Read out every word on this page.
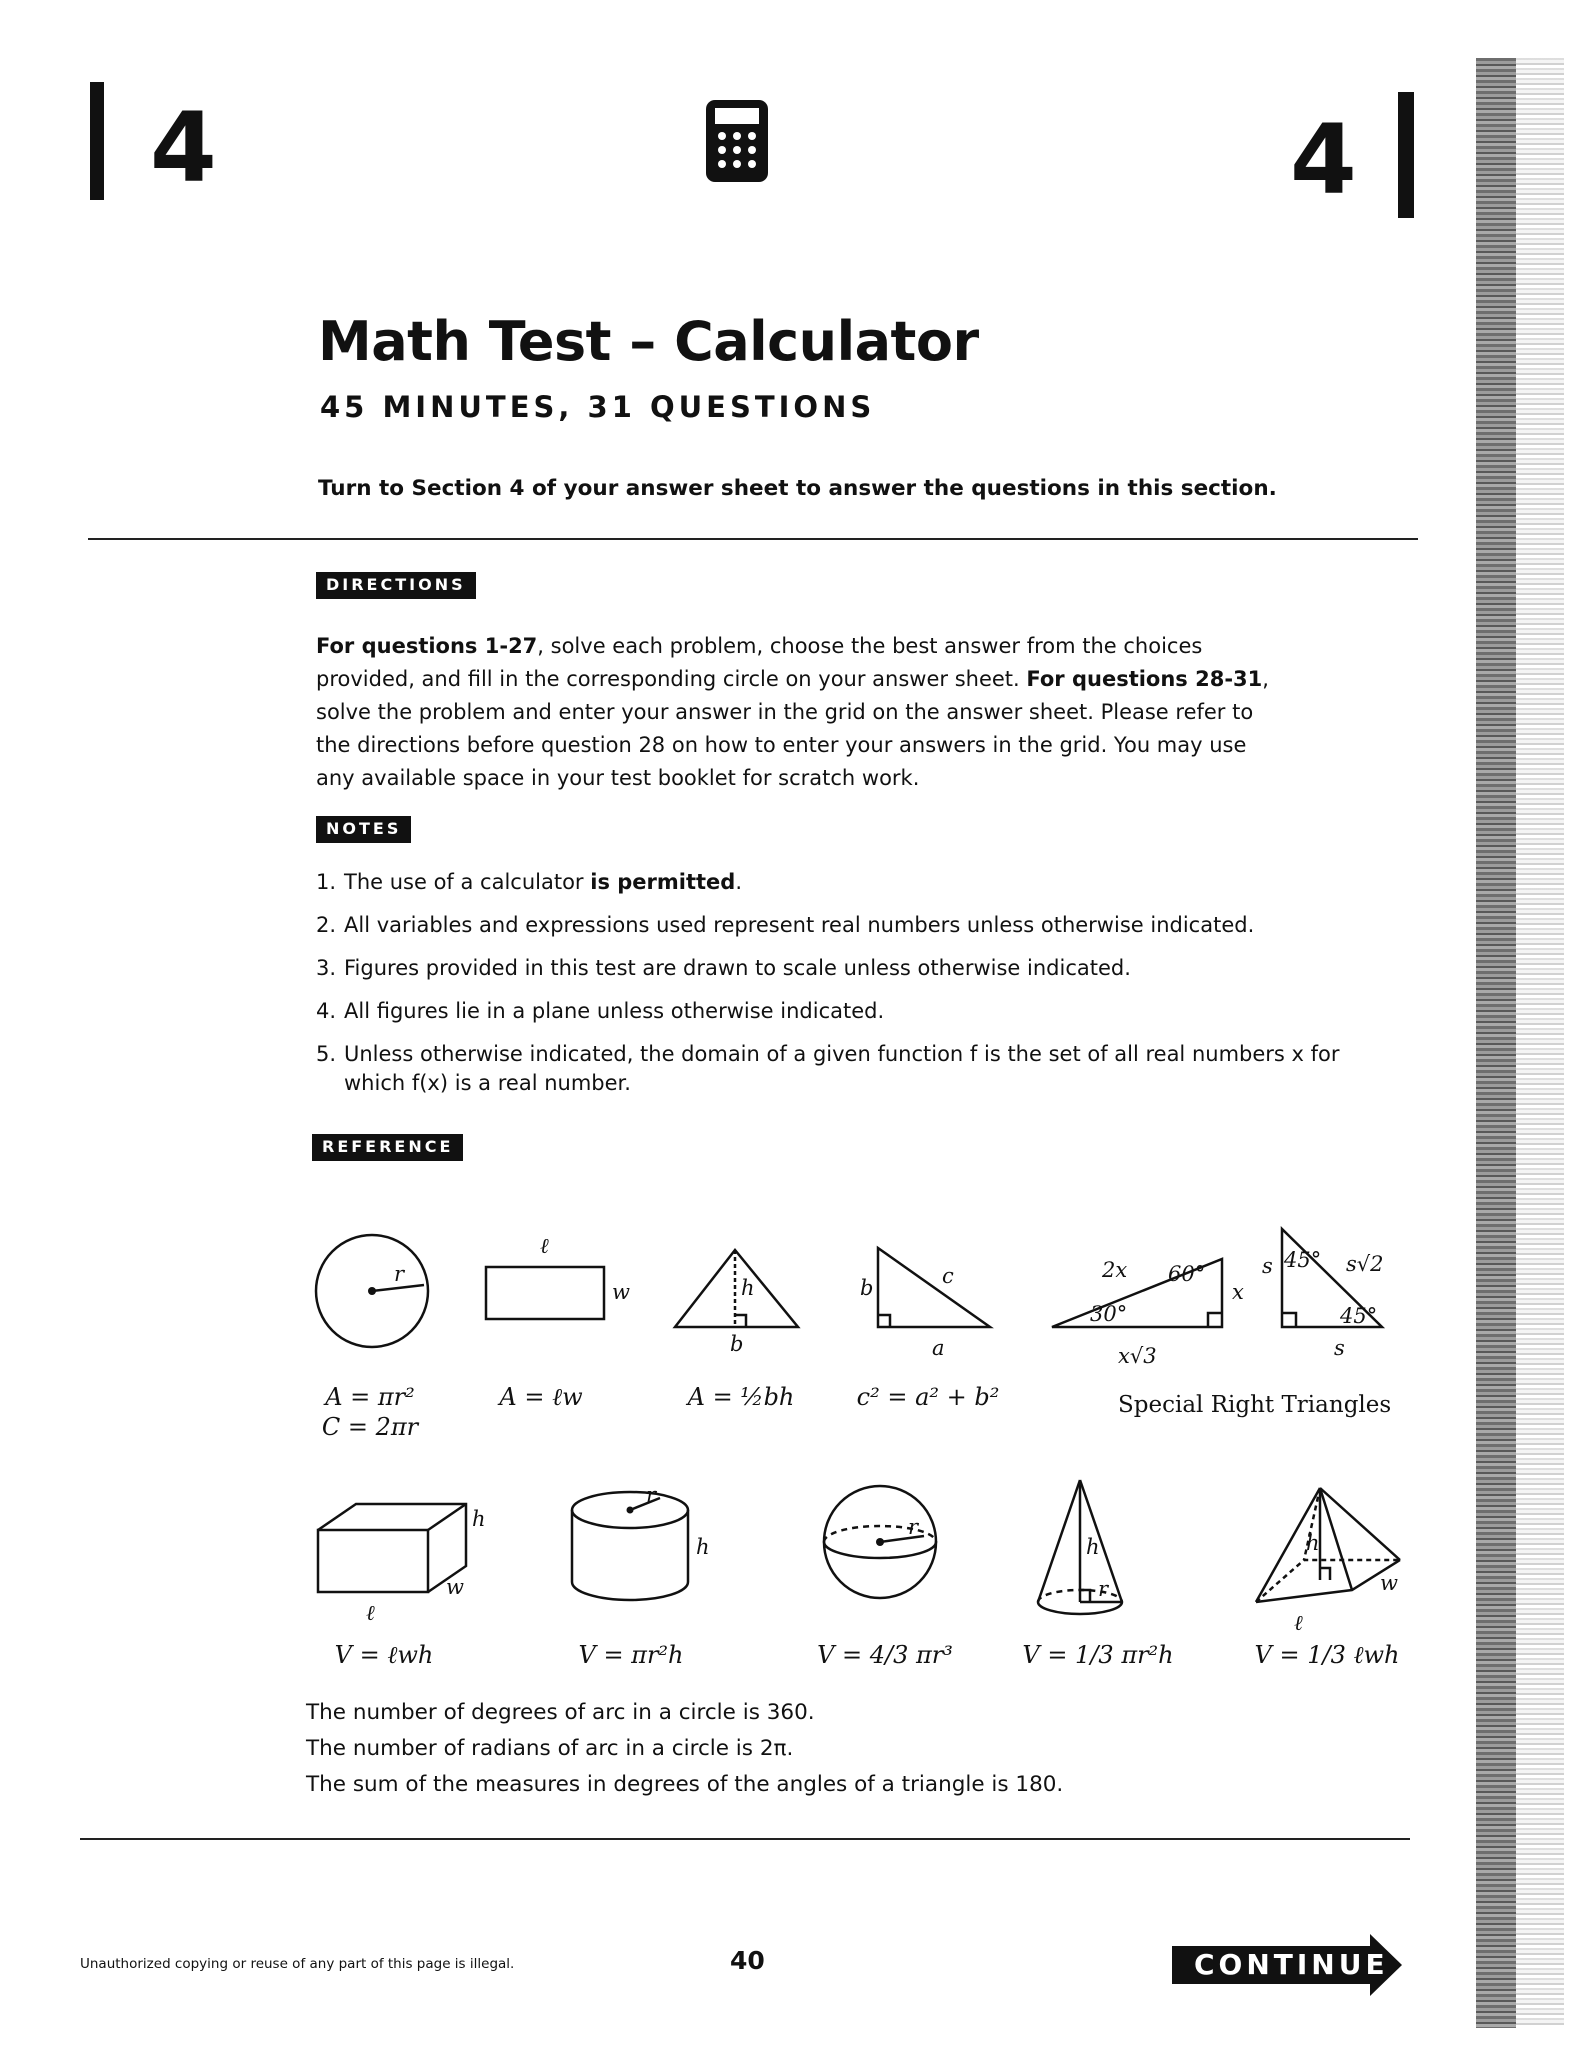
4	4
Math Test – Calculator
45 MINUTES, 31 QUESTIONS
Turn to Section 4 of your answer sheet to answer the questions in this section.
DIRECTIONS
For questions 1-27, solve each problem, choose the best answer from the choices provided, and fill in the corresponding circle on your answer sheet. For questions 28-31, solve the problem and enter your answer in the grid on the answer sheet. Please refer to the directions before question 28 on how to enter your answers in the grid. You may use any available space in your test booklet for scratch work.
NOTES
1. The use of a calculator is permitted.
2. All variables and expressions used represent real numbers unless otherwise indicated.
3. Figures provided in this test are drawn to scale unless otherwise indicated.
4. All figures lie in a plane unless otherwise indicated.
5. Unless otherwise indicated, the domain of a given function f is the set of all real numbers x for which f(x) is a real number.
REFERENCE
r
ℓ
w	h
b
b	c
a
2x 60°
x
30°
x√3
s 45° s√2
45°
s
A = πr²
C = 2πr
A = ℓw	A = ½bh	c² = a² + b²	Special Right Triangles
h
w
ℓ
r
h
r
h
r
h
w
ℓ
V = ℓwh	V = πr²h	V = 4/3 πr³	V = 1/3 πr²h	V = 1/3 ℓwh
The number of degrees of arc in a circle is 360.
The number of radians of arc in a circle is 2π.
The sum of the measures in degrees of the angles of a triangle is 180.
Unauthorized copying or reuse of any part of this page is illegal.	40	CONTINUE
